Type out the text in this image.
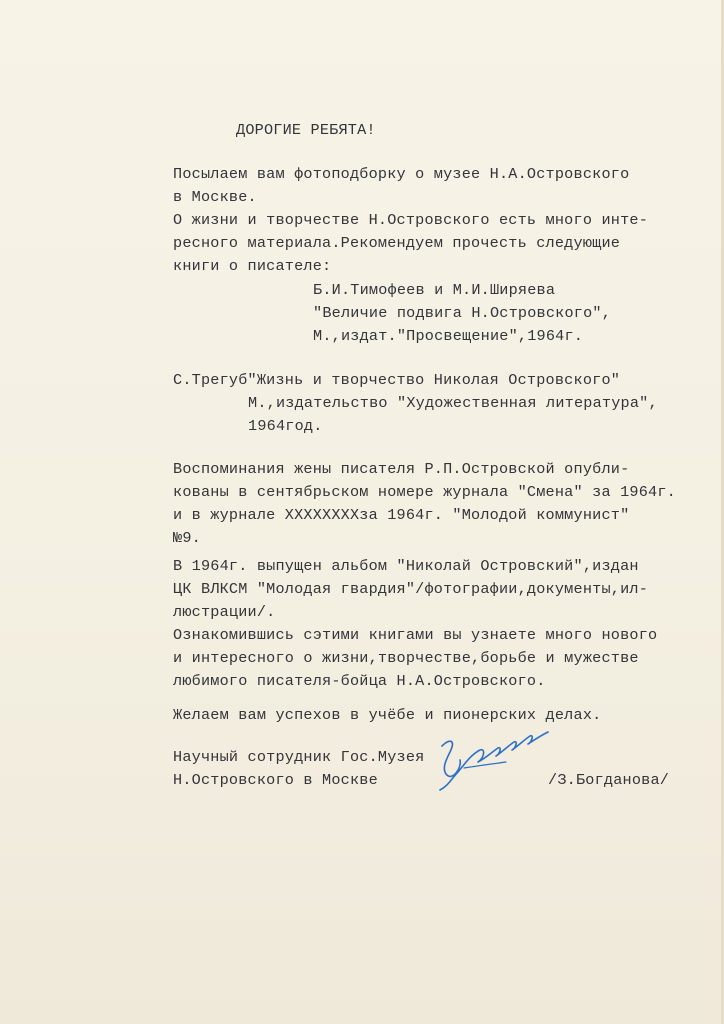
ДОРОГИЕ РЕБЯТА!
Посылаем вам фотоподборку о музее Н.А.Островского
в Москве.
О жизни и творчестве Н.Островского есть много инте-
ресного материала.Рекомендуем прочесть следующие
книги о писателе:
Б.И.Тимофеев и М.И.Ширяева
"Величие подвига Н.Островского",
М.,издат."Просвещение",1964г.
С.Трегуб"Жизнь и творчество Николая Островского"
М.,издательство "Художественная литература",
1964год.
Воспоминания жены писателя Р.П.Островской опубли-
кованы в сентябрьском номере журнала "Смена" за 1964г.
и в журнале ХХХХХХХХза 1964г. "Молодой коммунист"
№9.
В 1964г. выпущен альбом "Николай Островский",издан
ЦК ВЛКСМ "Молодая гвардия"/фотографии,документы,ил-
люстрации/.
Ознакомившись сэтими книгами вы узнаете много нового
и интересного о жизни,творчестве,борьбе и мужестве
любимого писателя-бойца Н.А.Островского.
Желаем вам успехов в учёбе и пионерских делах.
Научный сотрудник Гос.Музея
Н.Островского в Москве	/З.Богданова/
